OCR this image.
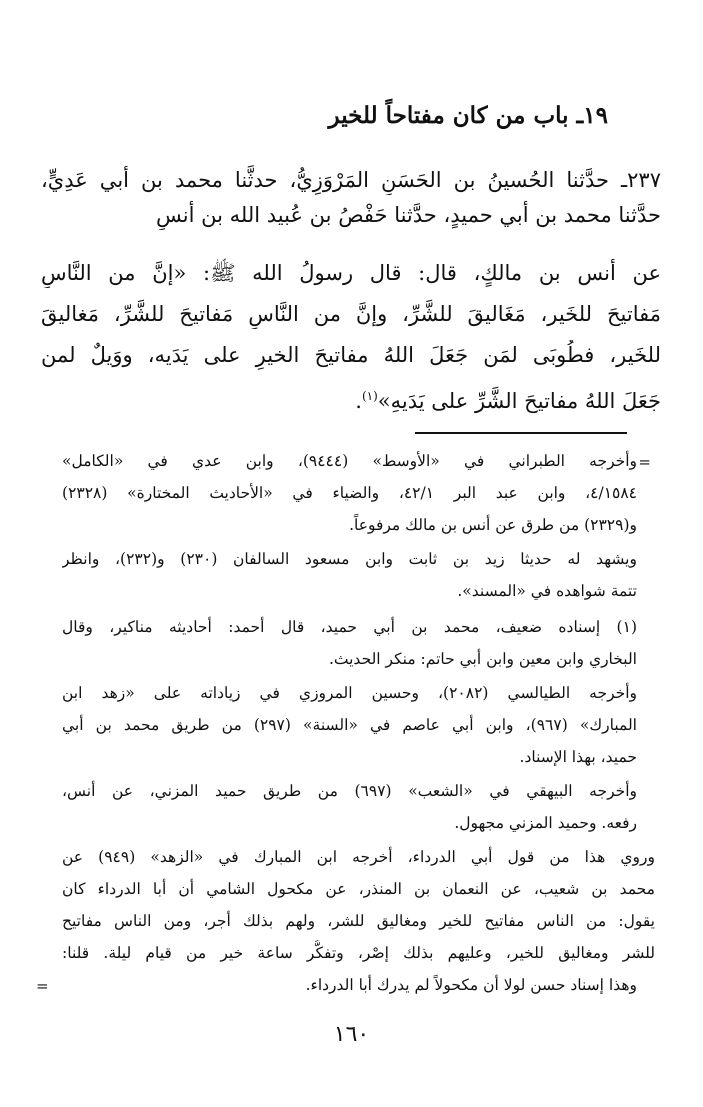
١٩ـ باب من كان مفتاحاً للخير
٢٣٧ـ حدَّثنا الحُسينُ بن الحَسَنِ المَرْوَزِيُّ، حدثَّنا محمد بن أبي عَدِيٍّ،
حدَّثنا محمد بن أبي حميدٍ، حدَّثنا حَفْصُ بن عُبيد الله بن أنسٍ
عن أنس بن مالكٍ، قال: قال رسولُ الله ﷺ: «إنَّ من النَّاسِ
مَفاتيحَ للخَير، مَغَاليقَ للشَّرِّ، وإنَّ من النَّاسِ مَفاتيحَ للشَّرِّ، مَغاليقَ
للخَير، فطُوبَى لمَن جَعَلَ اللهُ مفاتيحَ الخيرِ على يَدَيه، ووَيلٌ لمن
جَعَلَ اللهُ مفاتيحَ الشَّرِّ على يَدَيهِ»$^{(١)}$.
=
وأخرجه الطبراني في «الأوسط» (٩٤٤٤)، وابن عدي في «الكامل»
٤/١٥٨٤، وابن عبد البر ٤٢/١، والضياء في «الأحاديث المختارة» (٢٣٢٨)
و(٢٣٢٩) من طرق عن أنس بن مالك مرفوعاً.
ويشهد له حديثا زيد بن ثابت وابن مسعود السالفان (٢٣٠) و(٢٣٢)، وانظر
تتمة شواهده في «المسند».
(١) إسناده ضعيف، محمد بن أبي حميد، قال أحمد: أحاديثه مناكير، وقال
البخاري وابن معين وابن أبي حاتم: منكر الحديث.
وأخرجه الطيالسي (٢٠٨٢)، وحسين المروزي في زياداته على «زهد ابن
المبارك» (٩٦٧)، وابن أبي عاصم في «السنة» (٢٩٧) من طريق محمد بن أبي
حميد، بهذا الإسناد.
وأخرجه البيهقي في «الشعب» (٦٩٧) من طريق حميد المزني، عن أنس،
رفعه. وحميد المزني مجهول.
وروي هذا من قول أبي الدرداء، أخرجه ابن المبارك في «الزهد» (٩٤٩) عن
محمد بن شعيب، عن النعمان بن المنذر، عن مكحول الشامي أن أبا الدرداء كان
يقول: من الناس مفاتيح للخير ومغاليق للشر، ولهم بذلك أجر، ومن الناس مفاتيح
للشر ومغاليق للخير، وعليهم بذلك إصْر، وتفكُّر ساعة خير من قيام ليلة. قلنا:
وهذا إسناد حسن لولا أن مكحولاً لم يدرك أبا الدرداء.
=
١٦٠
